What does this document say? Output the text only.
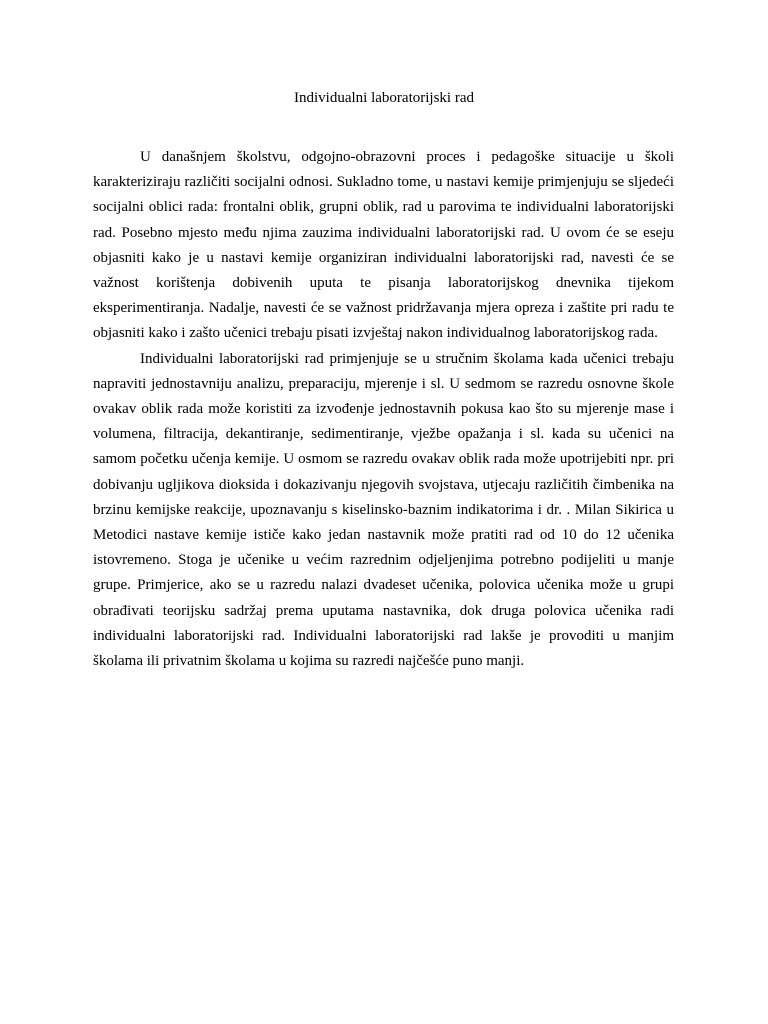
Individualni laboratorijski rad

U današnjem školstvu, odgojno-obrazovni proces i pedagoške situacije u školi karakteriziraju različiti socijalni odnosi. Sukladno tome, u nastavi kemije primjenjuju se sljedeći socijalni oblici rada: frontalni oblik, grupni oblik, rad u parovima te individualni laboratorijski rad. Posebno mjesto među njima zauzima individualni laboratorijski rad. U ovom će se eseju objasniti kako je u nastavi kemije organiziran individualni laboratorijski rad, navesti će se važnost korištenja dobivenih uputa te pisanja laboratorijskog dnevnika tijekom eksperimentiranja. Nadalje, navesti će se važnost pridržavanja mjera opreza i zaštite pri radu te objasniti kako i zašto učenici trebaju pisati izvještaj nakon individualnog laboratorijskog rada.

Individualni laboratorijski rad primjenjuje se u stručnim školama kada učenici trebaju napraviti jednostavniju analizu, preparaciju, mjerenje i sl. U sedmom se razredu osnovne škole ovakav oblik rada može koristiti za izvođenje jednostavnih pokusa kao što su mjerenje mase i volumena, filtracija, dekantiranje, sedimentiranje, vježbe opažanja i sl. kada su učenici na samom početku učenja kemije. U osmom se razredu ovakav oblik rada može upotrijebiti npr. pri dobivanju ugljikova dioksida i dokazivanju njegovih svojstava, utjecaju različitih čimbenika na brzinu kemijske reakcije, upoznavanju s kiselinsko-baznim indikatorima i dr. . Milan Sikirica u Metodici nastave kemije ističe kako jedan nastavnik može pratiti rad od 10 do 12 učenika istovremeno. Stoga je učenike u većim razrednim odjeljenjima potrebno podijeliti u manje grupe. Primjerice, ako se u razredu nalazi dvadeset učenika, polovica učenika može u grupi obrađivati teorijsku sadržaj prema uputama nastavnika, dok druga polovica učenika radi individualni laboratorijski rad. Individualni laboratorijski rad lakše je provoditi u manjim školama ili privatnim školama u kojima su razredi najčešće puno manji.
